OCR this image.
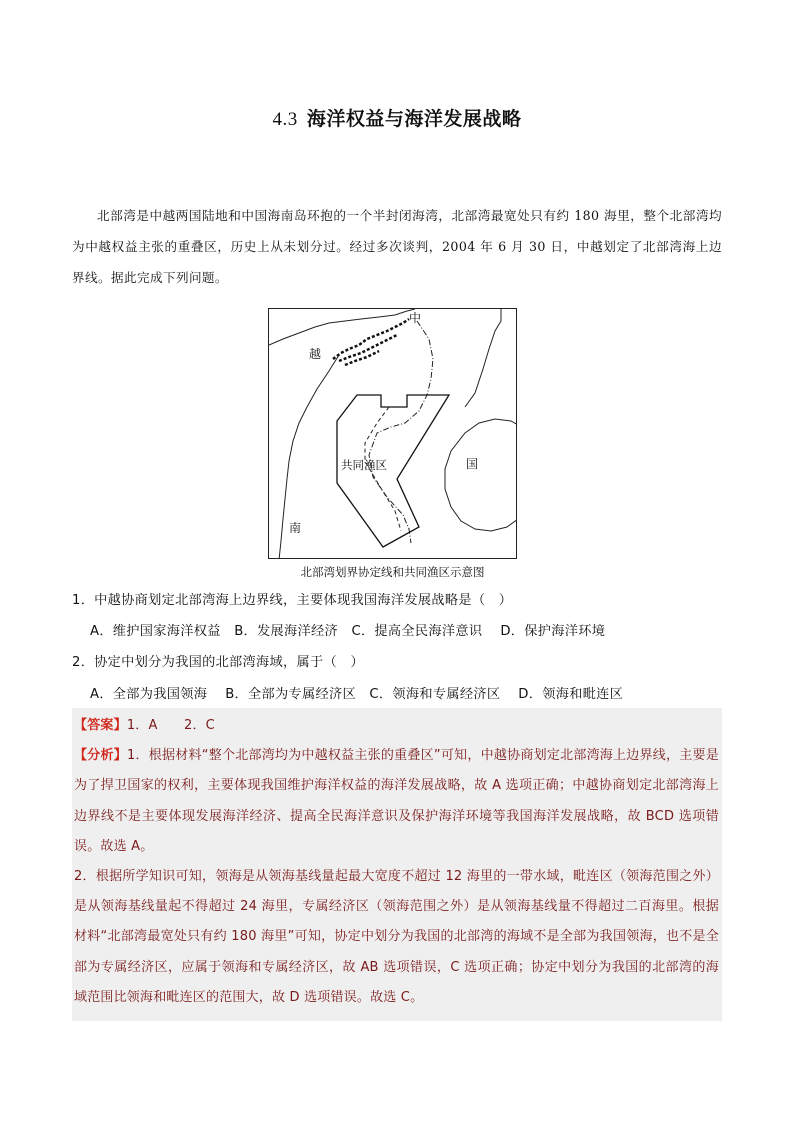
4.3 海洋权益与海洋发展战略
北部湾是中越两国陆地和中国海南岛环抱的一个半封闭海湾，北部湾最宽处只有约 180 海里，整个北部湾均为中越权益主张的重叠区，历史上从未划分过。经过多次谈判，2004 年 6 月 30 日，中越划定了北部湾海上边界线。据此完成下列问题。
中
越
国
南
共同渔区
北部湾划界协定线和共同渔区示意图
1．中越协商划定北部湾海上边界线，主要体现我国海洋发展战略是（　）
A．维护国家海洋权益　B．发展海洋经济　C．提高全民海洋意识　 D．保护海洋环境
2．协定中划分为我国的北部湾海域，属于（　）
A．全部为我国领海　 B．全部为专属经济区　C．领海和专属经济区　 D．领海和毗连区

【答案】1．A　　2．C

【分析】1．根据材料“整个北部湾均为中越权益主张的重叠区”可知，中越协商划定北部湾海上边界线，主要是为了捍卫国家的权利，主要体现我国维护海洋权益的海洋发展战略，故 A 选项正确；中越协商划定北部湾海上边界线不是主要体现发展海洋经济、提高全民海洋意识及保护海洋环境等我国海洋发展战略，故 BCD 选项错误。故选 A。

2．根据所学知识可知，领海是从领海基线量起最大宽度不超过 12 海里的一带水域，毗连区（领海范围之外）是从领海基线量起不得超过 24 海里，专属经济区（领海范围之外）是从领海基线量不得超过二百海里。根据材料“北部湾最宽处只有约 180 海里”可知，协定中划分为我国的北部湾的海域不是全部为我国领海，也不是全部为专属经济区，应属于领海和专属经济区，故 AB 选项错误，C 选项正确；协定中划分为我国的北部湾的海域范围比领海和毗连区的范围大，故 D 选项错误。故选 C。
